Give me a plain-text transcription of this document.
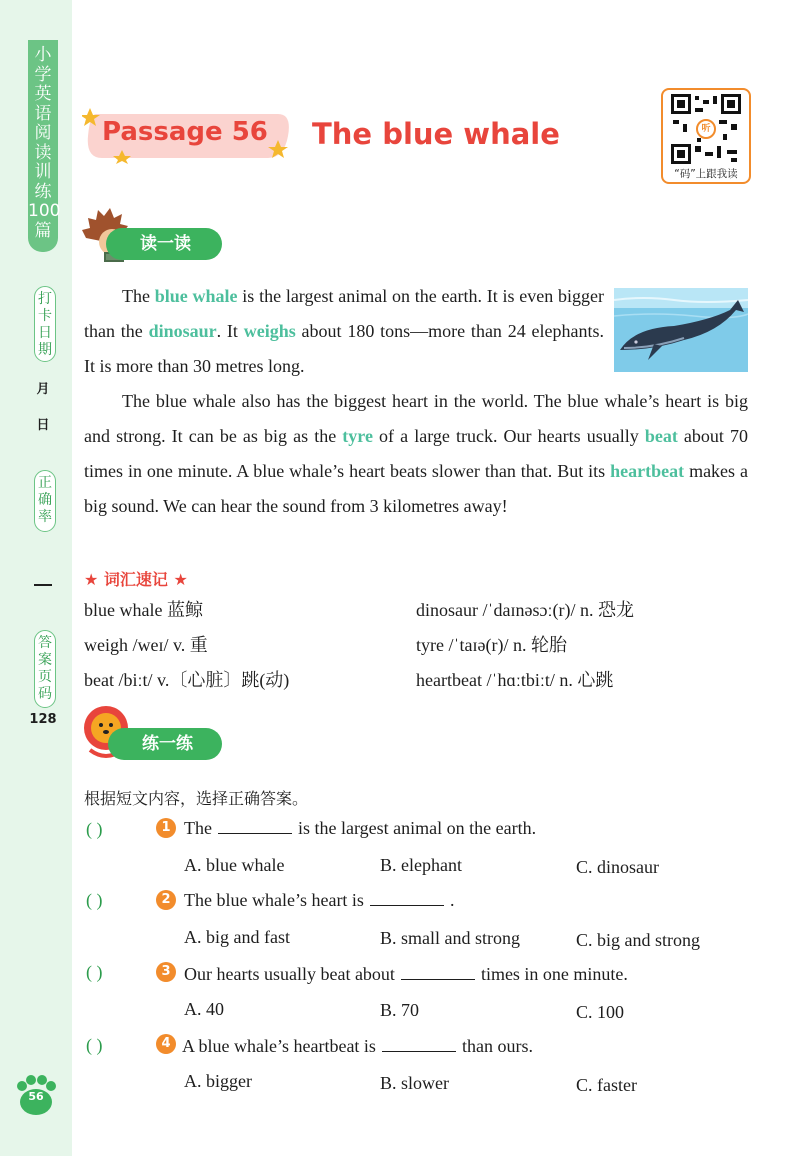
小学英语阅读训练100篇
打卡日期
月
日
正确率
答案页码
128
56
Passage 56 The blue whale	听
“码”上跟我读
读一读

The blue whale is the largest animal on the earth. It is even bigger than the dinosaur. It weighs about 180 tons—more than 24 elephants. It is more than 30 metres long.

The blue whale also has the biggest heart in the world. The blue whale’s heart is big and strong. It can be as big as the tyre of a large truck. Our hearts usually beat about 70 times in one minute. A blue whale’s heart beats slower than that. But its heartbeat makes a big sound. We can hear the sound from 3 kilometres away!

★ 词汇速记 ★
blue whale 蓝鲸	dinosaur /ˈdaɪnəsɔː(r)/ n. 恐龙
weigh /weɪ/ v. 重	tyre /ˈtaɪə(r)/ n. 轮胎
beat /biːt/ v.〔心脏〕跳(动)	heartbeat /ˈhɑːtbiːt/ n. 心跳
练一练
根据短文内容，选择正确答案。
( )	1 The	is the largest animal on the earth.
A. blue whale	B. elephant	C. dinosaur
( )	2 The blue whale’s heart is	.
A. big and fast	B. small and strong	C. big and strong
( )	3 Our hearts usually beat about	times in one minute.
A. 40	B. 70	C. 100
( )	4 A blue whale’s heartbeat is	than ours.
A. bigger	B. slower	C. faster
